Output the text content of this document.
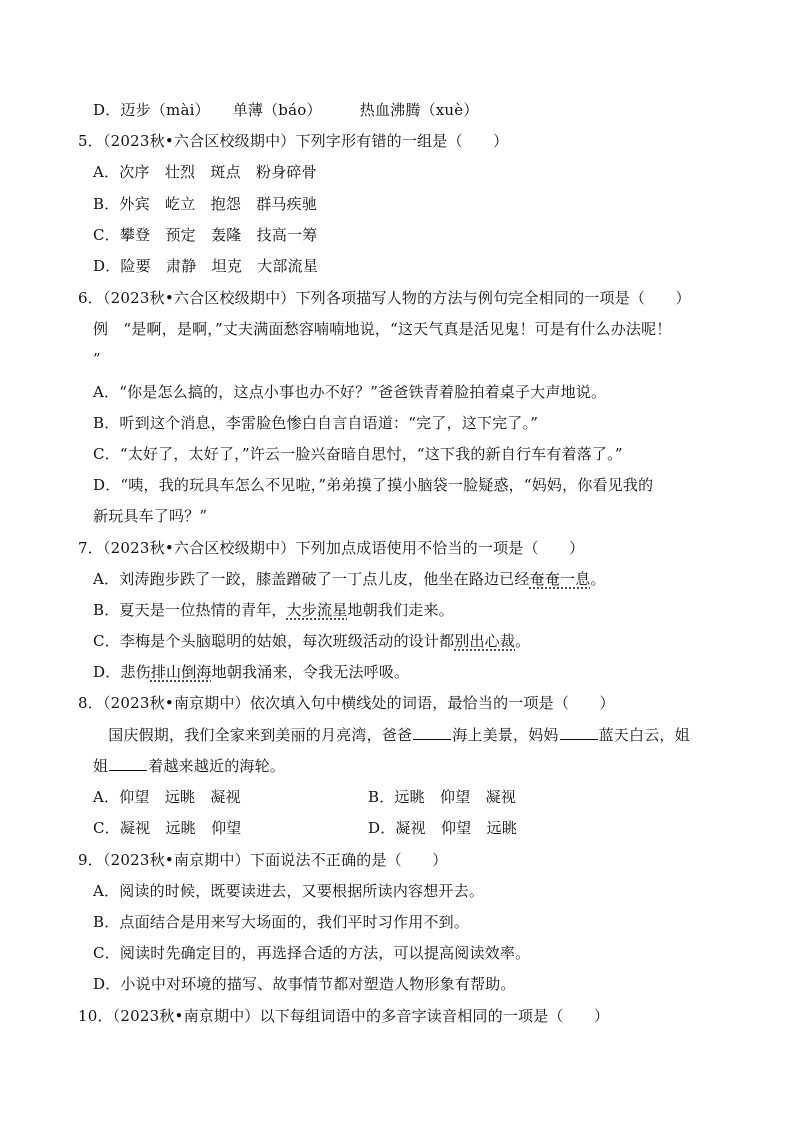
D．迈步（mài）　　单薄（báo）　　　热血沸腾（xuè）
5．（2023秋•六合区校级期中）下列字形有错的一组是（　　）
A．次序　壮烈　斑点　粉身碎骨
B．外宾　屹立　抱怨　群马疾驰
C．攀登　预定　轰隆　技高一筹
D．险要　肃静　坦克　大部流星
6．（2023秋•六合区校级期中）下列各项描写人物的方法与例句完全相同的一项是（　　）
例　“是啊，是啊，”丈夫满面愁容喃喃地说，“这天气真是活见鬼！可是有什么办法呢！
”
A．“你是怎么搞的，这点小事也办不好？”爸爸铁青着脸拍着桌子大声地说。
B．听到这个消息，李雷脸色惨白自言自语道：“完了，这下完了。”
C．“太好了，太好了，”许云一脸兴奋暗自思忖，“这下我的新自行车有着落了。”
D．“咦，我的玩具车怎么不见啦，”弟弟摸了摸小脑袋一脸疑惑，“妈妈，你看见我的
新玩具车了吗？”
7．（2023秋•六合区校级期中）下列加点成语使用不恰当的一项是（　　）
A．刘涛跑步跌了一跤，膝盖蹭破了一丁点儿皮，他坐在路边已经奄奄一息。
B．夏天是一位热情的青年，大步流星地朝我们走来。
C．李梅是个头脑聪明的姑娘，每次班级活动的设计都别出心裁。
D．悲伤排山倒海地朝我涌来，令我无法呼吸。
8．（2023秋•南京期中）依次填入句中横线处的词语，最恰当的一项是（　　）
　国庆假期，我们全家来到美丽的月亮湾，爸爸	海上美景，妈妈	蓝天白云，姐
姐	着越来越近的海轮。
A．仰望　远眺　凝视	B．远眺　仰望　凝视
C．凝视　远眺　仰望	D．凝视　仰望　远眺
9．（2023秋•南京期中）下面说法不正确的是（　　）
A．阅读的时候，既要读进去，又要根据所读内容想开去。
B．点面结合是用来写大场面的，我们平时习作用不到。
C．阅读时先确定目的，再选择合适的方法，可以提高阅读效率。
D．小说中对环境的描写、故事情节都对塑造人物形象有帮助。
10．（2023秋•南京期中）以下每组词语中的多音字读音相同的一项是（　　）
